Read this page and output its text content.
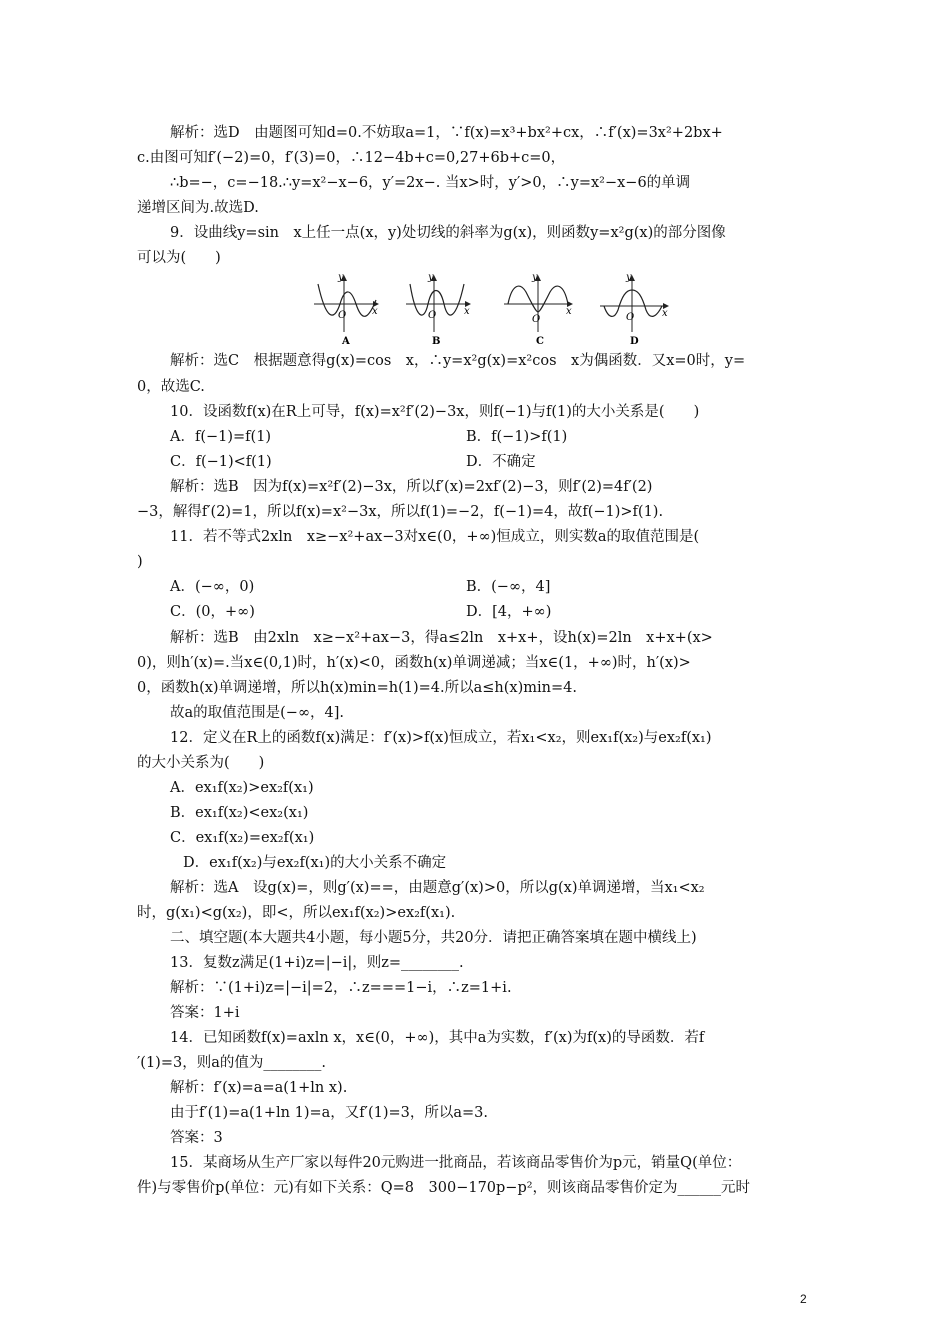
解析：选D　由题图可知d=0.不妨取a=1，∵f(x)=x³+bx²+cx，∴f′(x)=3x²+2bx+
c.由图可知f′(−2)=0，f′(3)=0，∴12−4b+c=0,27+6b+c=0，
∴b=−，c=−18.∴y=x²−x−6，y′=2x−. 当x>时，y′>0，∴y=x²−x−6的单调
递增区间为.故选D.
9．设曲线y=sin　x上任一点(x，y)处切线的斜率为g(x)，则函数y=x²g(x)的部分图像
可以为(　　)
O	x
y
A
O	x
y
B
O
x
y
C
O	x
y
D
解析：选C　根据题意得g(x)=cos　x，∴y=x²g(x)=x²cos　x为偶函数．又x=0时，y=
0，故选C.
10．设函数f(x)在R上可导，f(x)=x²f′(2)−3x，则f(−1)与f(1)的大小关系是(　　)
A．f(−1)=f(1)	B．f(−1)>f(1)
C．f(−1)<f(1)	D．不确定
解析：选B　因为f(x)=x²f′(2)−3x，所以f′(x)=2xf′(2)−3，则f′(2)=4f′(2)
−3，解得f′(2)=1，所以f(x)=x²−3x，所以f(1)=−2，f(−1)=4，故f(−1)>f(1).
11．若不等式2xln　x≥−x²+ax−3对x∈(0，+∞)恒成立，则实数a的取值范围是(
)
A．(−∞，0)	B．(−∞，4]
C．(0，+∞)	D．[4，+∞)
解析：选B　由2xln　x≥−x²+ax−3，得a≤2ln　x+x+，设h(x)=2ln　x+x+(x>
0)，则h′(x)=.当x∈(0,1)时，h′(x)<0，函数h(x)单调递减；当x∈(1，+∞)时，h′(x)>
0，函数h(x)单调递增，所以h(x)min=h(1)=4.所以a≤h(x)min=4.
故a的取值范围是(−∞，4].
12．定义在R上的函数f(x)满足：f′(x)>f(x)恒成立，若x₁<x₂，则ex₁f(x₂)与ex₂f(x₁)
的大小关系为(　　)
A．ex₁f(x₂)>ex₂f(x₁)
B．ex₁f(x₂)<ex₂(x₁)
C．ex₁f(x₂)=ex₂f(x₁)
D．ex₁f(x₂)与ex₂f(x₁)的大小关系不确定
解析：选A　设g(x)=，则g′(x)==，由题意g′(x)>0，所以g(x)单调递增，当x₁<x₂
时，g(x₁)<g(x₂)，即<，所以ex₁f(x₂)>ex₂f(x₁).
二、填空题(本大题共4小题，每小题5分，共20分．请把正确答案填在题中横线上)
13．复数z满足(1+i)z=|−i|，则z=________.
解析：∵(1+i)z=|−i|=2，∴z===1−i，∴z=1+i.
答案：1+i
14．已知函数f(x)=axln x，x∈(0，+∞)，其中a为实数，f′(x)为f(x)的导函数．若f
′(1)=3，则a的值为________.
解析：f′(x)=a=a(1+ln x).
由于f′(1)=a(1+ln 1)=a，又f′(1)=3，所以a=3.
答案：3
15．某商场从生产厂家以每件20元购进一批商品，若该商品零售价为p元，销量Q(单位：
件)与零售价p(单位：元)有如下关系：Q=8　300−170p−p²，则该商品零售价定为______元时
2
